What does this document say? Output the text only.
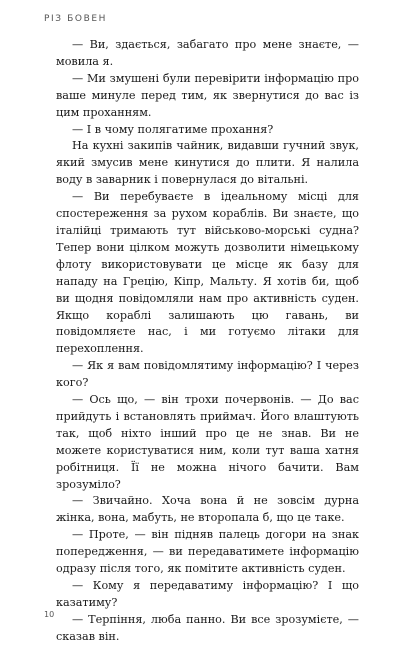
РІЗ БОВЕН

— Ви, здається, забагато про мене знаєте, — мовила я.

— Ми змушені були перевірити інформацію про ваше минуле перед тим, як звернутися до вас із цим проханням.

— І в чому полягатиме прохання?

На кухні закипів чайник, видавши гучний звук, який змусив мене кинутися до плити. Я налила воду в заварник і повернулася до вітальні.

— Ви перебуваєте в ідеальному місці для спостереження за рухом кораблів. Ви знаєте, що італійці тримають тут військово-морські судна? Тепер вони цілком можуть дозволити німецькому флоту використовувати це місце як базу для нападу на Грецію, Кіпр, Мальту. Я хотів би, щоб ви щодня повідомляли нам про активність суден. Якщо кораблі залишають цю гавань, ви повідомляєте нас, і ми готуємо літаки для перехоплення.

— Як я вам повідомлятиму інформацію? І через кого?

— Ось що, — він трохи почервонів. — До вас прийдуть і встановлять приймач. Його влаштують так, щоб ніхто інший про це не знав. Ви не можете користуватися ним, коли тут ваша хатня робітниця. Її не можна нічого бачити. Вам зрозуміло?

— Звичайно. Хоча вона й не зовсім дурна жінка, вона, мабуть, не второпала б, що це таке.

— Проте, — він підняв палець догори на знак попередження, — ви передаватимете інформацію одразу після того, як помітите активність суден.

— Кому я передаватиму інформацію? І що казатиму?

— Терпіння, люба панно. Ви все зрозумієте, — сказав він.

10
